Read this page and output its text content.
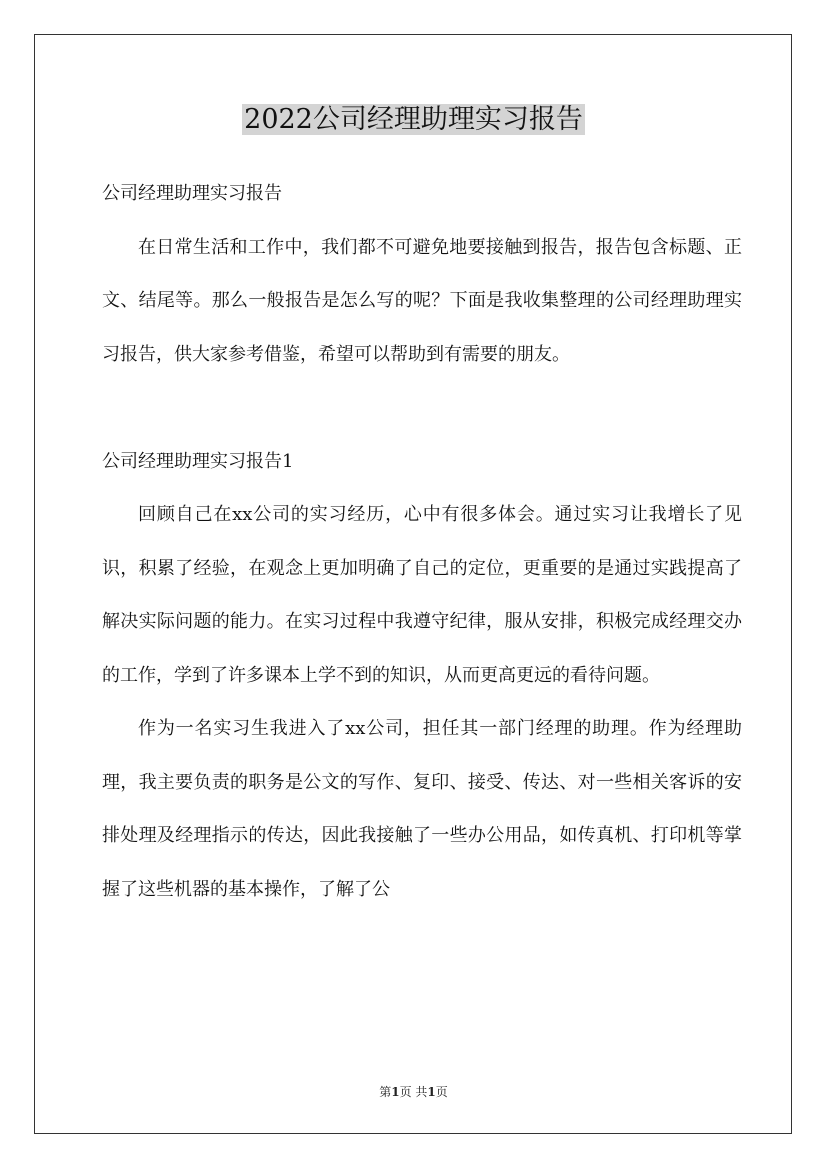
2022公司经理助理实习报告

公司经理助理实习报告

在日常生活和工作中，我们都不可避免地要接触到报告，报告包含标题、正文、结尾等。那么一般报告是怎么写的呢？下面是我收集整理的公司经理助理实习报告，供大家参考借鉴，希望可以帮助到有需要的朋友。

公司经理助理实习报告1

回顾自己在xx公司的实习经历，心中有很多体会。通过实习让我增长了见识，积累了经验，在观念上更加明确了自己的定位，更重要的是通过实践提高了解决实际问题的能力。在实习过程中我遵守纪律，服从安排，积极完成经理交办的工作，学到了许多课本上学不到的知识，从而更高更远的看待问题。

作为一名实习生我进入了xx公司，担任其一部门经理的助理。作为经理助理，我主要负责的职务是公文的写作、复印、接受、传达、对一些相关客诉的安排处理及经理指示的传达，因此我接触了一些办公用品，如传真机、打印机等掌握了这些机器的基本操作，了解了公

第1页 共1页
